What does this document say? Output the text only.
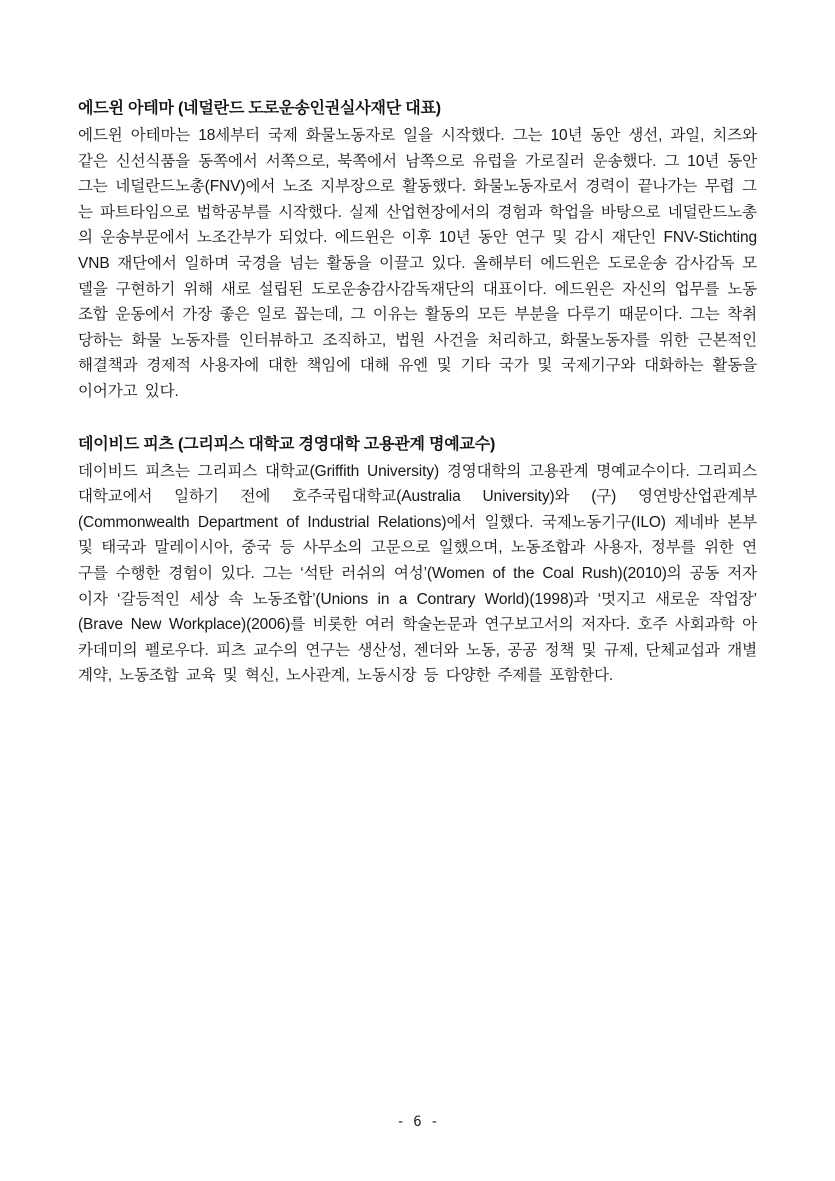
에드윈 아테마 (네덜란드 도로운송인권실사재단 대표)

에드윈 아테마는 18세부터 국제 화물노동자로 일을 시작했다. 그는 10년 동안 생선, 과일, 치즈와 같은 신선식품을 동쪽에서 서쪽으로, 북쪽에서 남쪽으로 유럽을 가로질러 운송했다. 그 10년 동안 그는 네덜란드노총(FNV)에서 노조 지부장으로 활동했다. 화물노동자로서 경력이 끝나가는 무렵 그는 파트타임으로 법학공부를 시작했다. 실제 산업현장에서의 경험과 학업을 바탕으로 네덜란드노총의 운송부문에서 노조간부가 되었다. 에드윈은 이후 10년 동안 연구 및 감시 재단인 FNV-Stichting VNB 재단에서 일하며 국경을 넘는 활동을 이끌고 있다. 올해부터 에드윈은 도로운송 감사감독 모델을 구현하기 위해 새로 설립된 도로운송감사감독재단의 대표이다. 에드윈은 자신의 업무를 노동조합 운동에서 가장 좋은 일로 꼽는데, 그 이유는 활동의 모든 부분을 다루기 때문이다. 그는 착취당하는 화물 노동자를 인터뷰하고 조직하고, 법원 사건을 처리하고, 화물노동자를 위한 근본적인 해결책과 경제적 사용자에 대한 책임에 대해 유엔 및 기타 국가 및 국제기구와 대화하는 활동을 이어가고 있다.

데이비드 피츠 (그리피스 대학교 경영대학 고용관계 명예교수)

데이비드 피츠는 그리피스 대학교(Griffith University) 경영대학의 고용관계 명예교수이다. 그리피스 대학교에서 일하기 전에 호주국립대학교(Australia University)와 (구) 영연방산업관계부(Commonwealth Department of Industrial Relations)에서 일했다. 국제노동기구(ILO) 제네바 본부 및 태국과 말레이시아, 중국 등 사무소의 고문으로 일했으며, 노동조합과 사용자, 정부를 위한 연구를 수행한 경험이 있다. 그는 ‘석탄 러쉬의 여성’(Women of the Coal Rush)(2010)의 공동 저자이자 ‘갈등적인 세상 속 노동조합’(Unions in a Contrary World)(1998)과 ‘멋지고 새로운 작업장’ (Brave New Workplace)(2006)를 비롯한 여러 학술논문과 연구보고서의 저자다. 호주 사회과학 아카데미의 펠로우다. 피츠 교수의 연구는 생산성, 젠더와 노동, 공공 정책 및 규제, 단체교섭과 개별계약, 노동조합 교육 및 혁신, 노사관계, 노동시장 등 다양한 주제를 포함한다.

- 6 -
